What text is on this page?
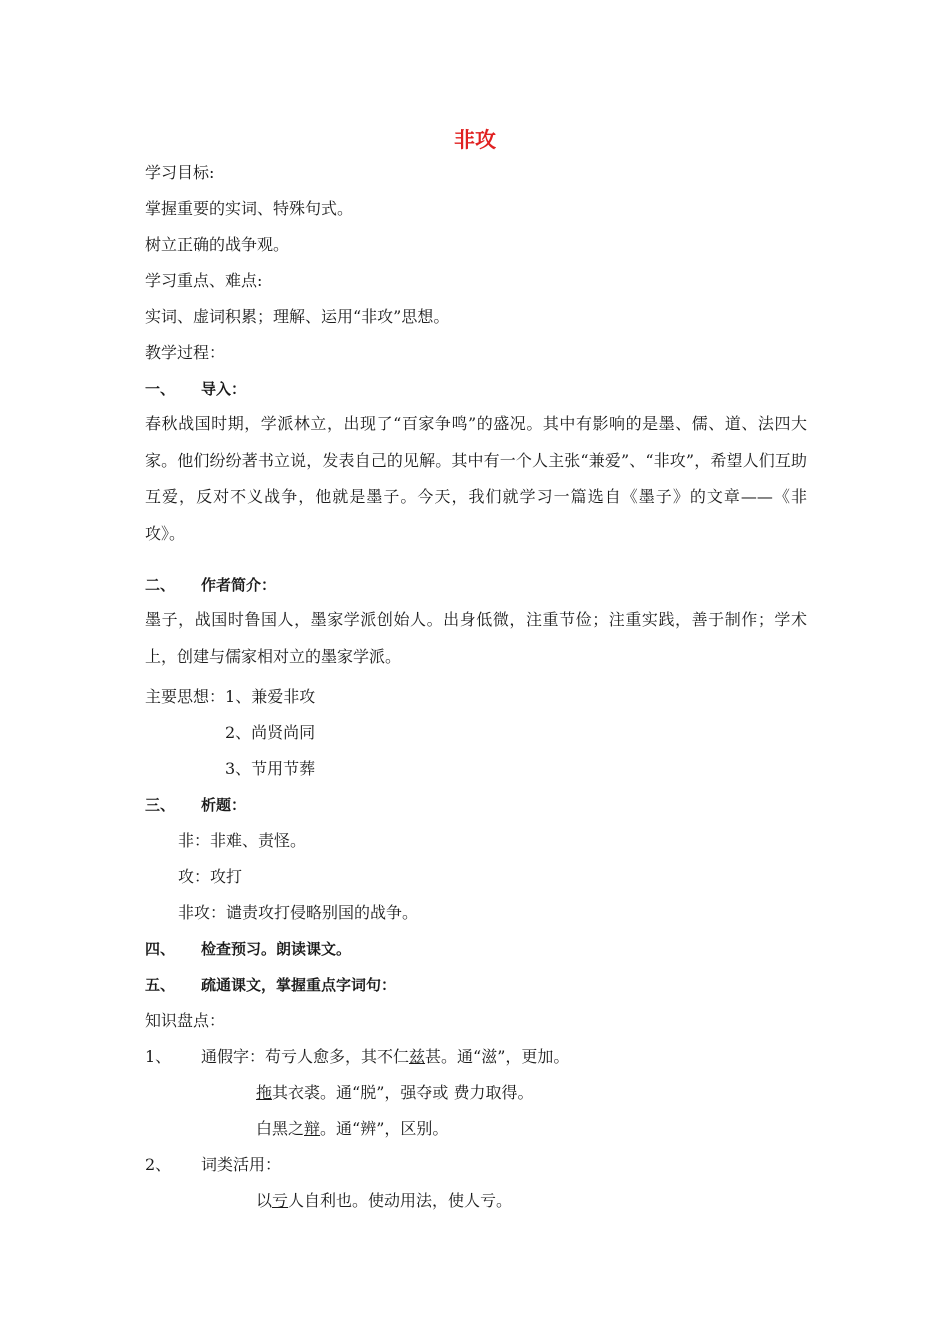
非攻
学习目标:
掌握重要的实词、特殊句式。
树立正确的战争观。
学习重点、难点:
实词、虚词积累；理解、运用“非攻”思想。
教学过程：
一、 导入：
春秋战国时期，学派林立，出现了“百家争鸣”的盛况。其中有影响的是墨、儒、道、法四大家。他们纷纷著书立说，发表自己的见解。其中有一个人主张“兼爱”、“非攻”，希望人们互助互爱，反对不义战争，他就是墨子。今天，我们就学习一篇选自《墨子》的文章——《非攻》。
二、 作者简介：
墨子，战国时鲁国人，墨家学派创始人。出身低微，注重节俭；注重实践，善于制作；学术上，创建与儒家相对立的墨家学派。
主要思想：1、兼爱非攻
2、尚贤尚同
3、节用节葬
三、 析题：
非：非难、责怪。
攻：攻打
非攻：谴责攻打侵略别国的战争。
四、 检查预习。朗读课文。
五、 疏通课文，掌握重点字词句：
知识盘点：
1、 通假字：苟亏人愈多，其不仁兹甚。通“滋”，更加。
拖其衣裘。通“脱”，强夺或 费力取得。
白黑之辩。通“辨”，区别。
2、 词类活用：
以亏人自利也。使动用法，使人亏。
